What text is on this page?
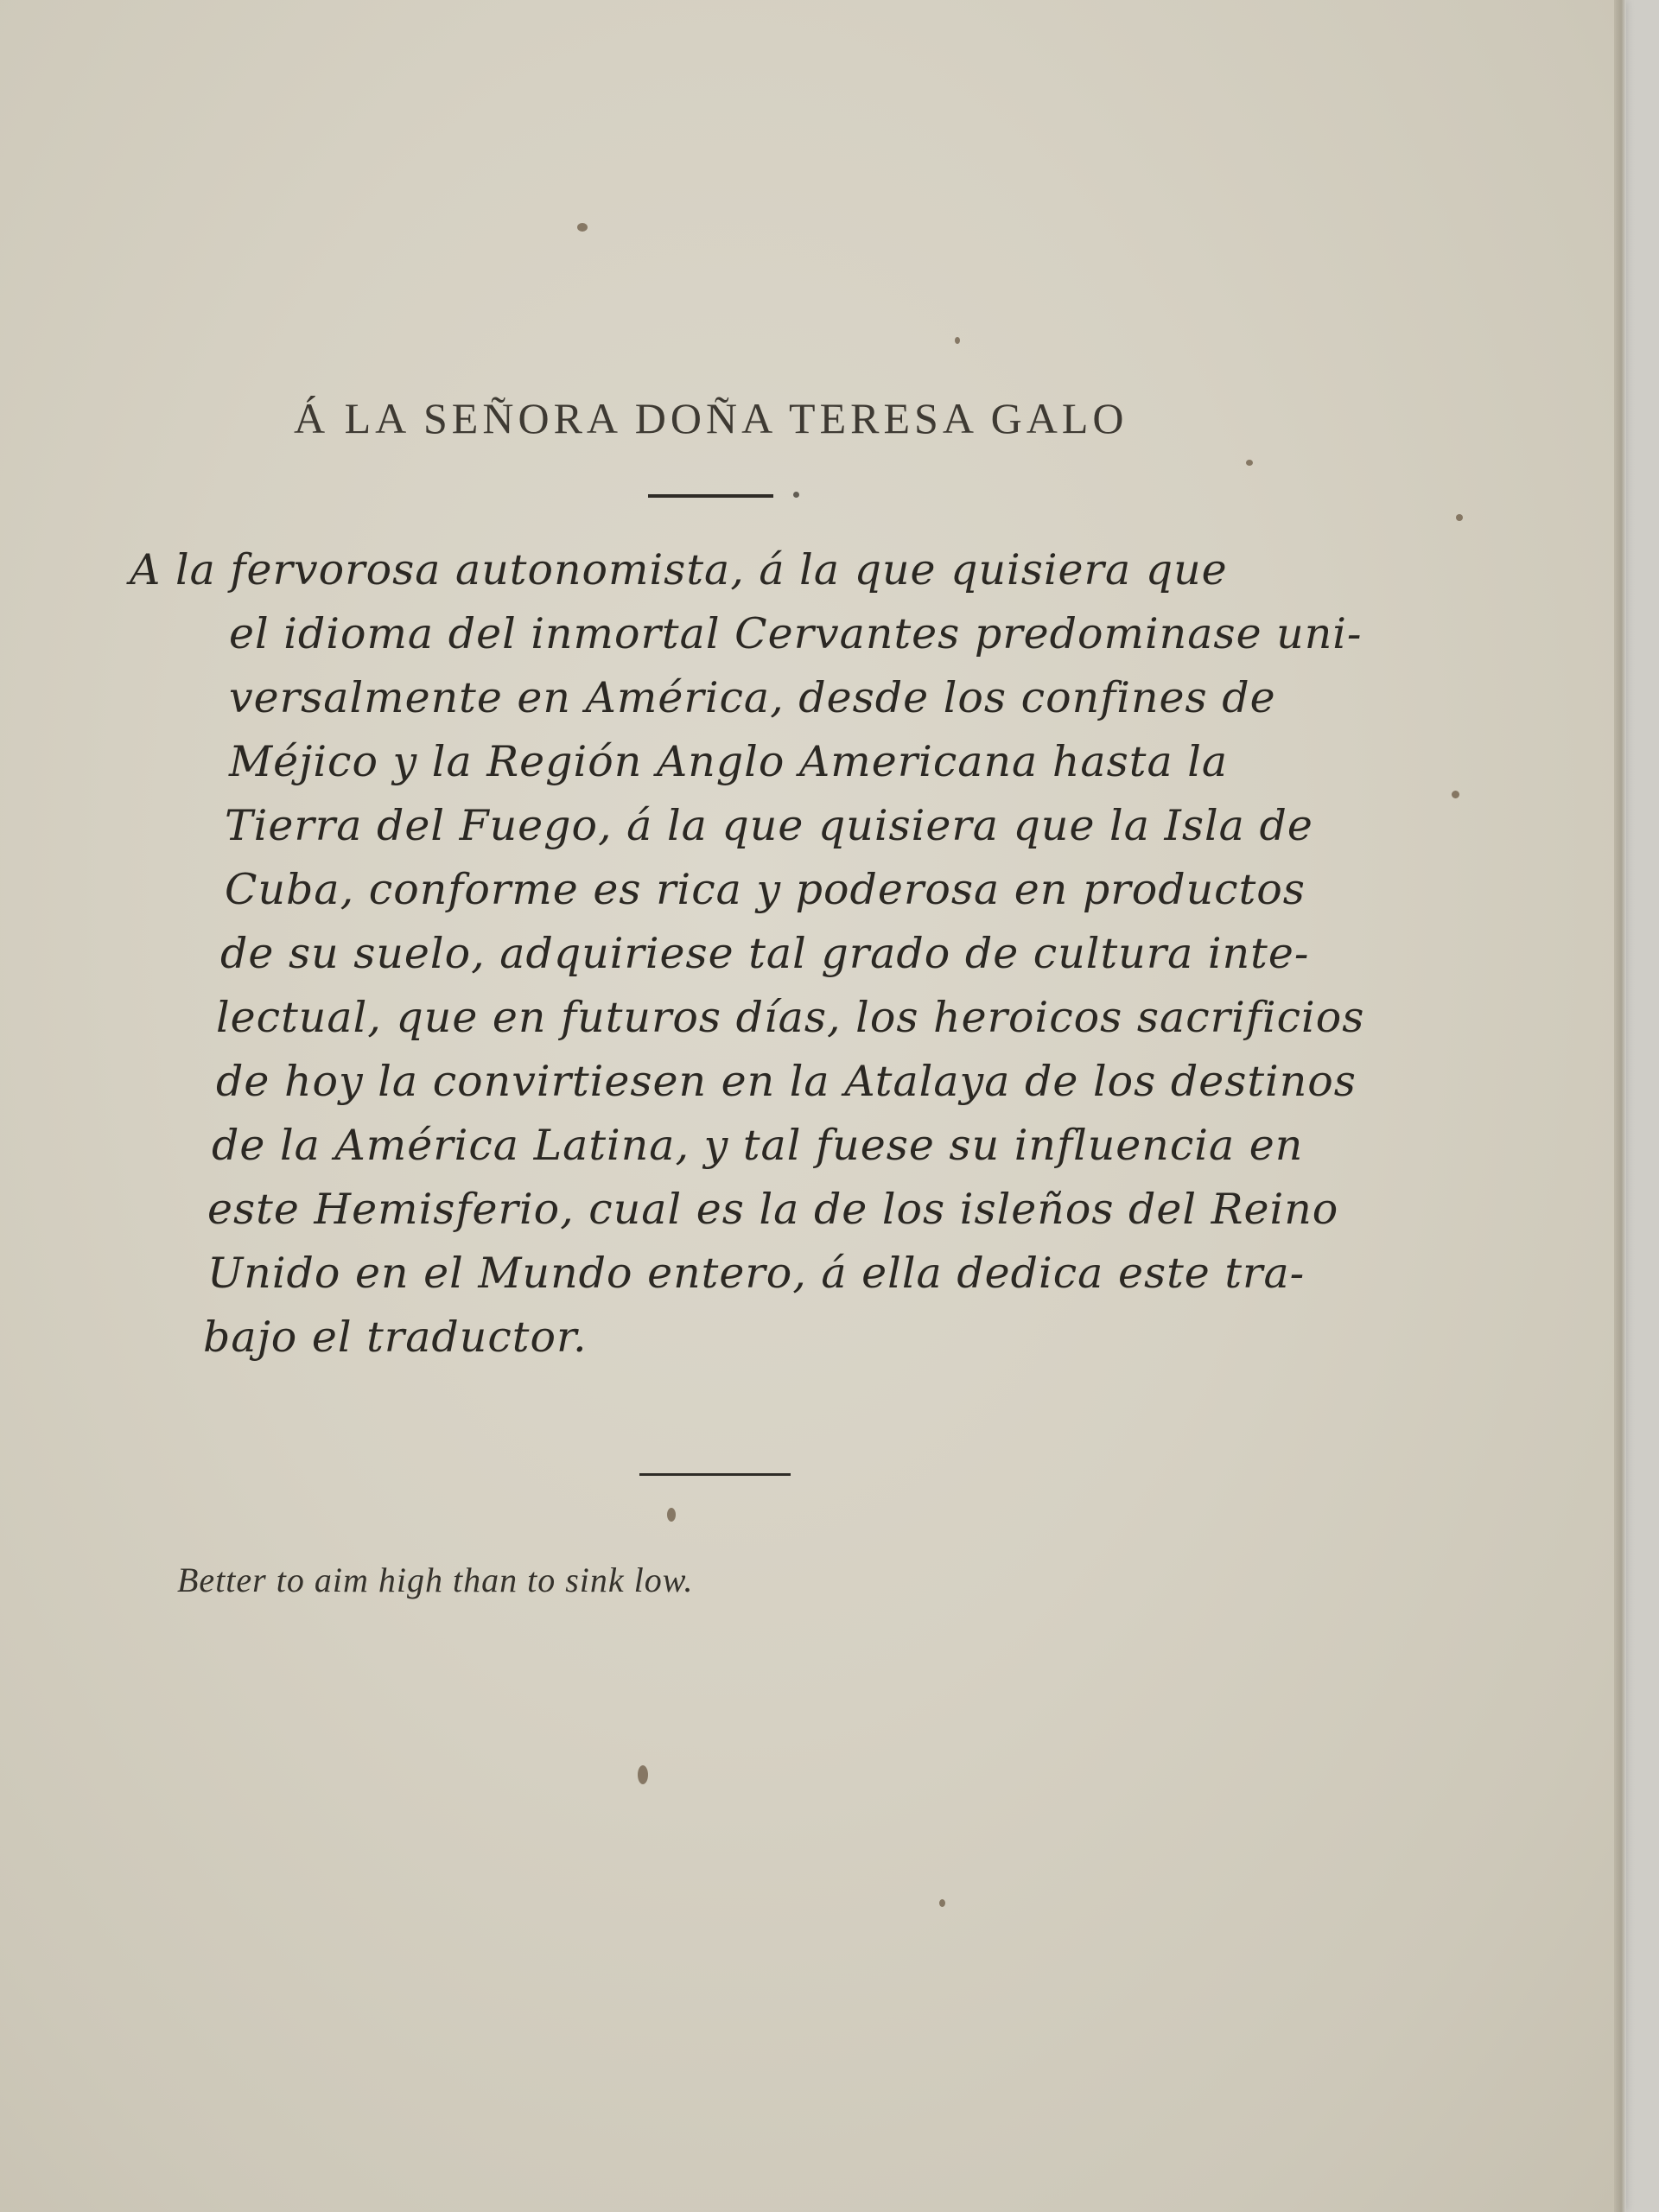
Á LA SEÑORA DOÑA TERESA GALO
A la fervorosa autonomista, á la que quisiera que
el idioma del inmortal Cervantes predominase uni-
versalmente en América, desde los confines de
Méjico y la Región Anglo Americana hasta la
Tierra del Fuego, á la que quisiera que la Isla de
Cuba, conforme es rica y poderosa en productos
de su suelo, adquiriese tal grado de cultura inte-
lectual, que en futuros días, los heroicos sacrificios
de hoy la convirtiesen en la Atalaya de los destinos
de la América Latina, y tal fuese su influencia en
este Hemisferio, cual es la de los isleños del Reino
Unido en el Mundo entero, á ella dedica este tra-
bajo el traductor.
Better to aim high than to sink low.
